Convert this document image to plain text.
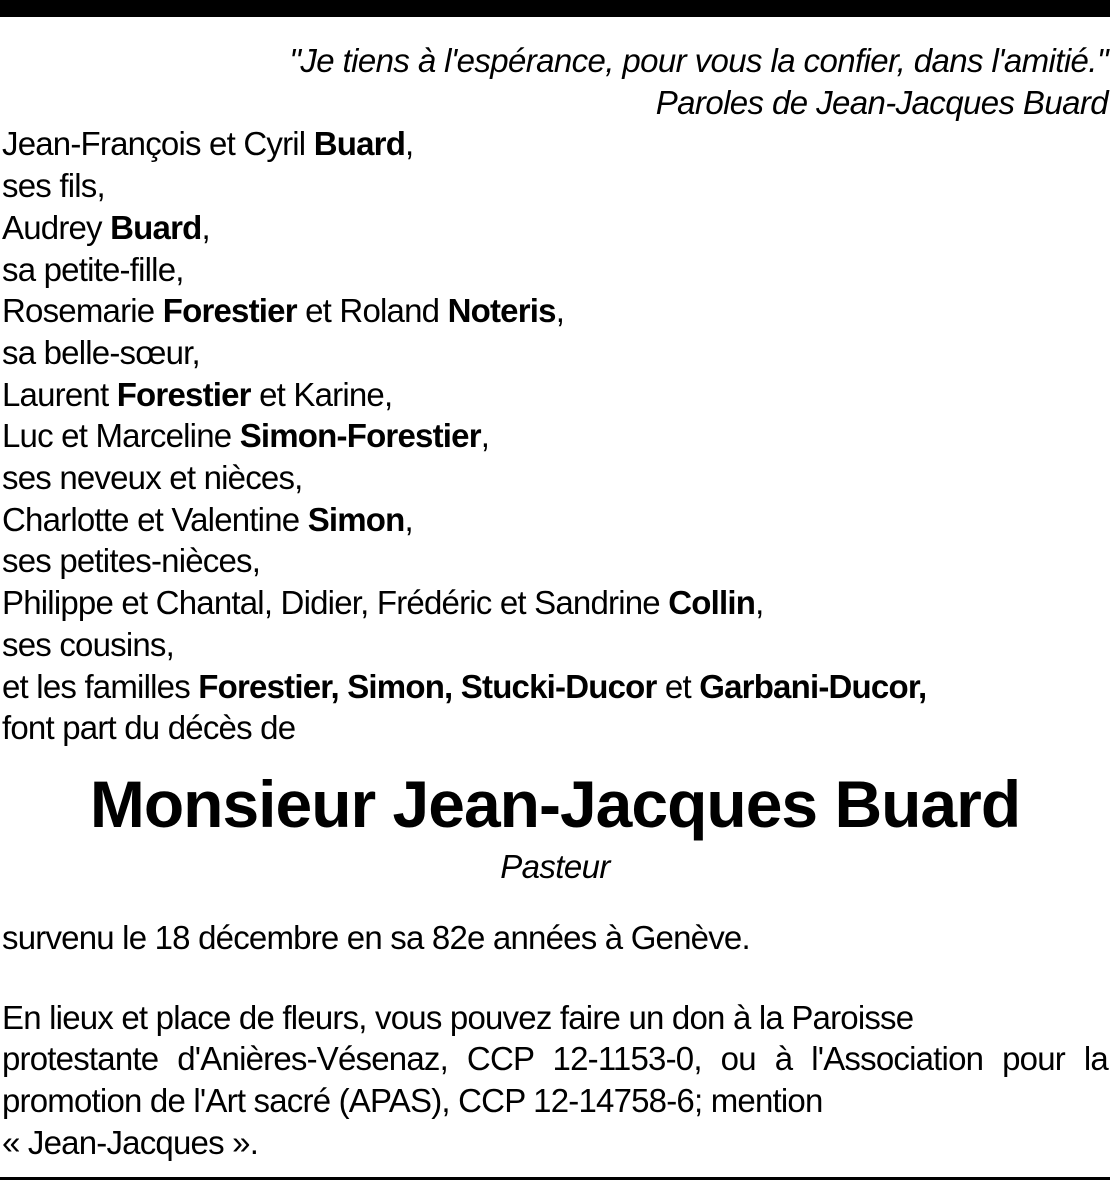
"Je tiens à l'espérance, pour vous la confier, dans l'amitié."
Paroles de Jean-Jacques Buard
Jean-François et Cyril Buard,
ses fils,
Audrey Buard,
sa petite-fille,
Rosemarie Forestier et Roland Noteris,
sa belle-sœur,
Laurent Forestier et Karine,
Luc et Marceline Simon-Forestier,
ses neveux et nièces,
Charlotte et Valentine Simon,
ses petites-nièces,
Philippe et Chantal, Didier, Frédéric et Sandrine Collin,
ses cousins,
et les familles Forestier, Simon, Stucki-Ducor et Garbani-Ducor,
font part du décès de
Monsieur Jean-Jacques Buard
Pasteur
survenu le 18 décembre en sa 82e années à Genève.
En lieux et place de fleurs, vous pouvez faire un don à la Paroisse
protestante d'Anières-Vésenaz, CCP 12-1153-0, ou à l'Association pour la
promotion de l'Art sacré (APAS), CCP 12-14758-6; mention
« Jean-Jacques ».
